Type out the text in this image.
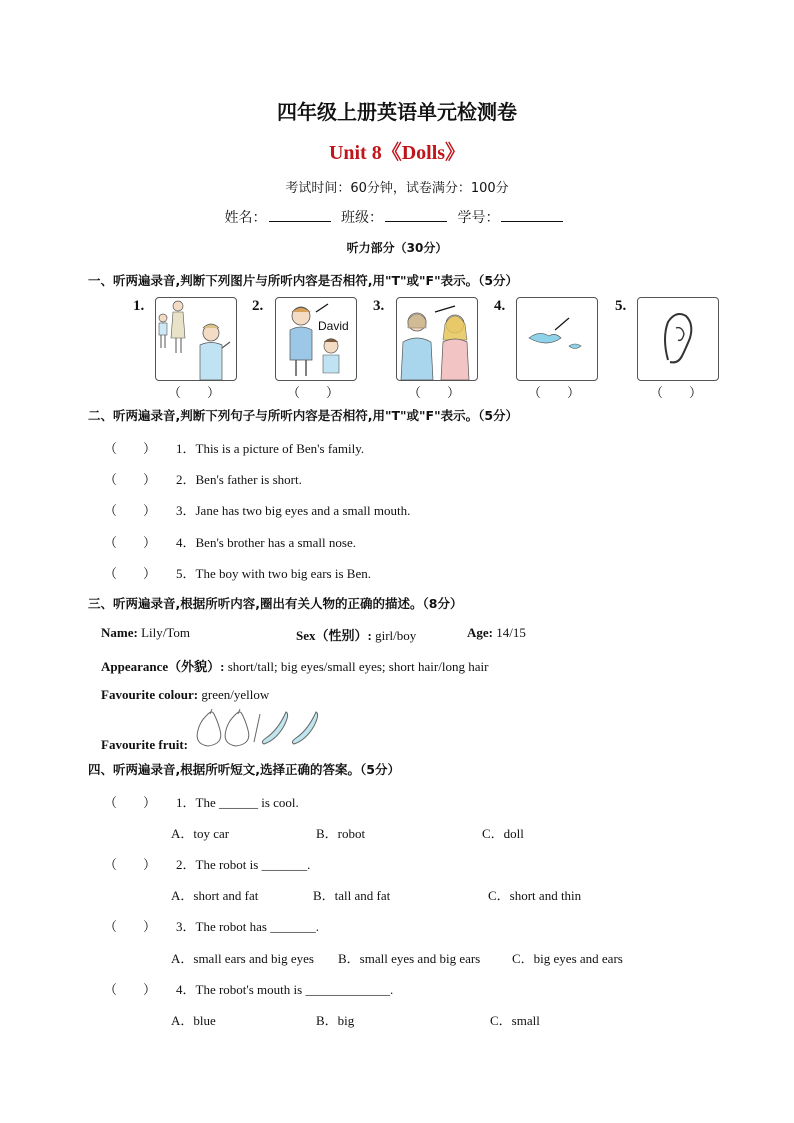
四年级上册英语单元检测卷
Unit 8《Dolls》
考试时间：60分钟，试卷满分：100分
姓名：	班级：	学号：
听力部分（30分）
一、听两遍录音,判断下列图片与所听内容是否相符,用"T"或"F"表示。（5分）
1.
（　　）
2.
David
（　　）
3.
（　　）
4.
（　　）
5.
（　　）
二、听两遍录音,判断下列句子与所听内容是否相符,用"T"或"F"表示。（5分）
（　　） 1．This is a picture of Ben's family.
（　　） 2．Ben's father is short.
（　　） 3．Jane has two big eyes and a small mouth.
（　　） 4．Ben's brother has a small nose.
（　　） 5．The boy with two big ears is Ben.
三、听两遍录音,根据所听内容,圈出有关人物的正确的描述。（8分）
Name: Lily/Tom	Sex（性别）: girl/boy	Age: 14/15
Appearance（外貌）: short/tall; big eyes/small eyes; short hair/long hair
Favourite colour: green/yellow
Favourite fruit:
四、听两遍录音,根据所听短文,选择正确的答案。（5分）
（　　） 1．The ______ is cool.
A．toy car	B．robot	C．doll
（　　） 2．The robot is _______.
A．short and fat	B．tall and fat	C．short and thin
（　　） 3．The robot has _______.
A．small ears and big eyes B．small eyes and big ears C．big eyes and ears
（　　） 4．The robot's mouth is _____________.
A．blue	B．big	C．small
